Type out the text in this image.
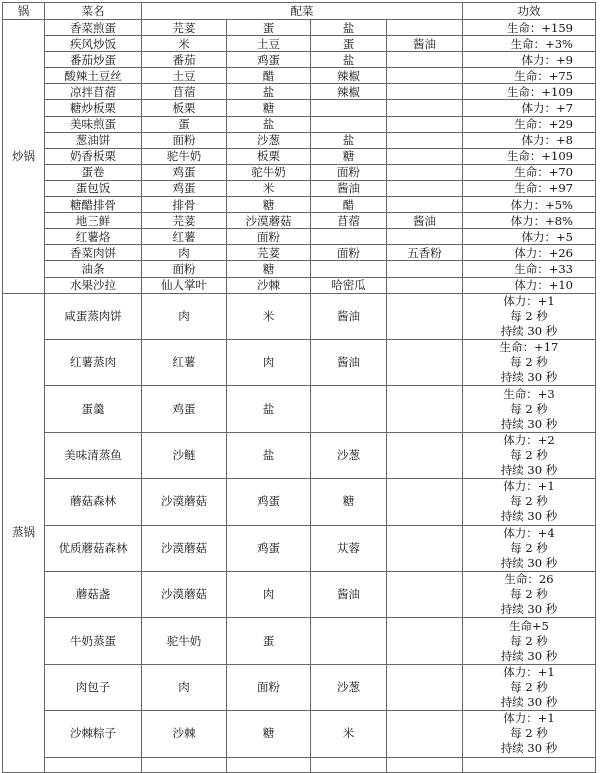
锅	菜名	配菜				功效
炒锅	香菜煎蛋	芫荽	蛋	盐		生命：+159
	疾风炒饭	米	土豆	蛋	酱油	生命：+3%
	番茄炒蛋	番茄	鸡蛋	盐		体力：+9
	酸辣土豆丝	土豆	醋	辣椒		生命：+75
	凉拌苜蓿	苜蓿	盐	辣椒		生命：+109
	糖炒板栗	板栗	糖			体力：+7
	美味煎蛋	蛋	盐			生命：+29
	葱油饼	面粉	沙葱	盐		体力：+8
	奶香板栗	驼牛奶	板栗	糖		生命：+109
	蛋卷	鸡蛋	驼牛奶	面粉		生命：+70
	蛋包饭	鸡蛋	米	酱油		生命：+97
	糖醋排骨	排骨	糖	醋		体力：+5%
	地三鲜	芫荽	沙漠蘑菇	苜蓿	酱油	体力：+8%
	红薯烙	红薯	面粉			体力：+5
	香菜肉饼	肉	芫荽	面粉	五香粉	体力：+26
	油条	面粉	糖			生命：+33
	水果沙拉	仙人掌叶	沙棘	哈密瓜		体力：+10
蒸锅	咸蛋蒸肉饼	肉	米	酱油		体力：+1
每 2 秒
持续 30 秒

	红薯蒸肉	红薯	肉	酱油		生命：+17
每 2 秒
持续 30 秒

	蛋羹	鸡蛋	盐			生命：+3
每 2 秒
持续 30 秒

	美味清蒸鱼	沙鲢	盐	沙葱		体力：+2
每 2 秒
持续 30 秒

	蘑菇森林	沙漠蘑菇	鸡蛋	糖		体力：+1
每 2 秒
持续 30 秒

	优质蘑菇森林	沙漠蘑菇	鸡蛋	苁蓉		体力：+4
每 2 秒
持续 30 秒

	蘑菇盏	沙漠蘑菇	肉	酱油		生命：26
每 2 秒
持续 30 秒

	牛奶蒸蛋	驼牛奶	蛋			生命+5
每 2 秒
持续 30 秒

	肉包子	肉	面粉	沙葱		体力：+1
每 2 秒
持续 30 秒

	沙棘粽子	沙棘	糖	米		体力：+1
每 2 秒
持续 30 秒
